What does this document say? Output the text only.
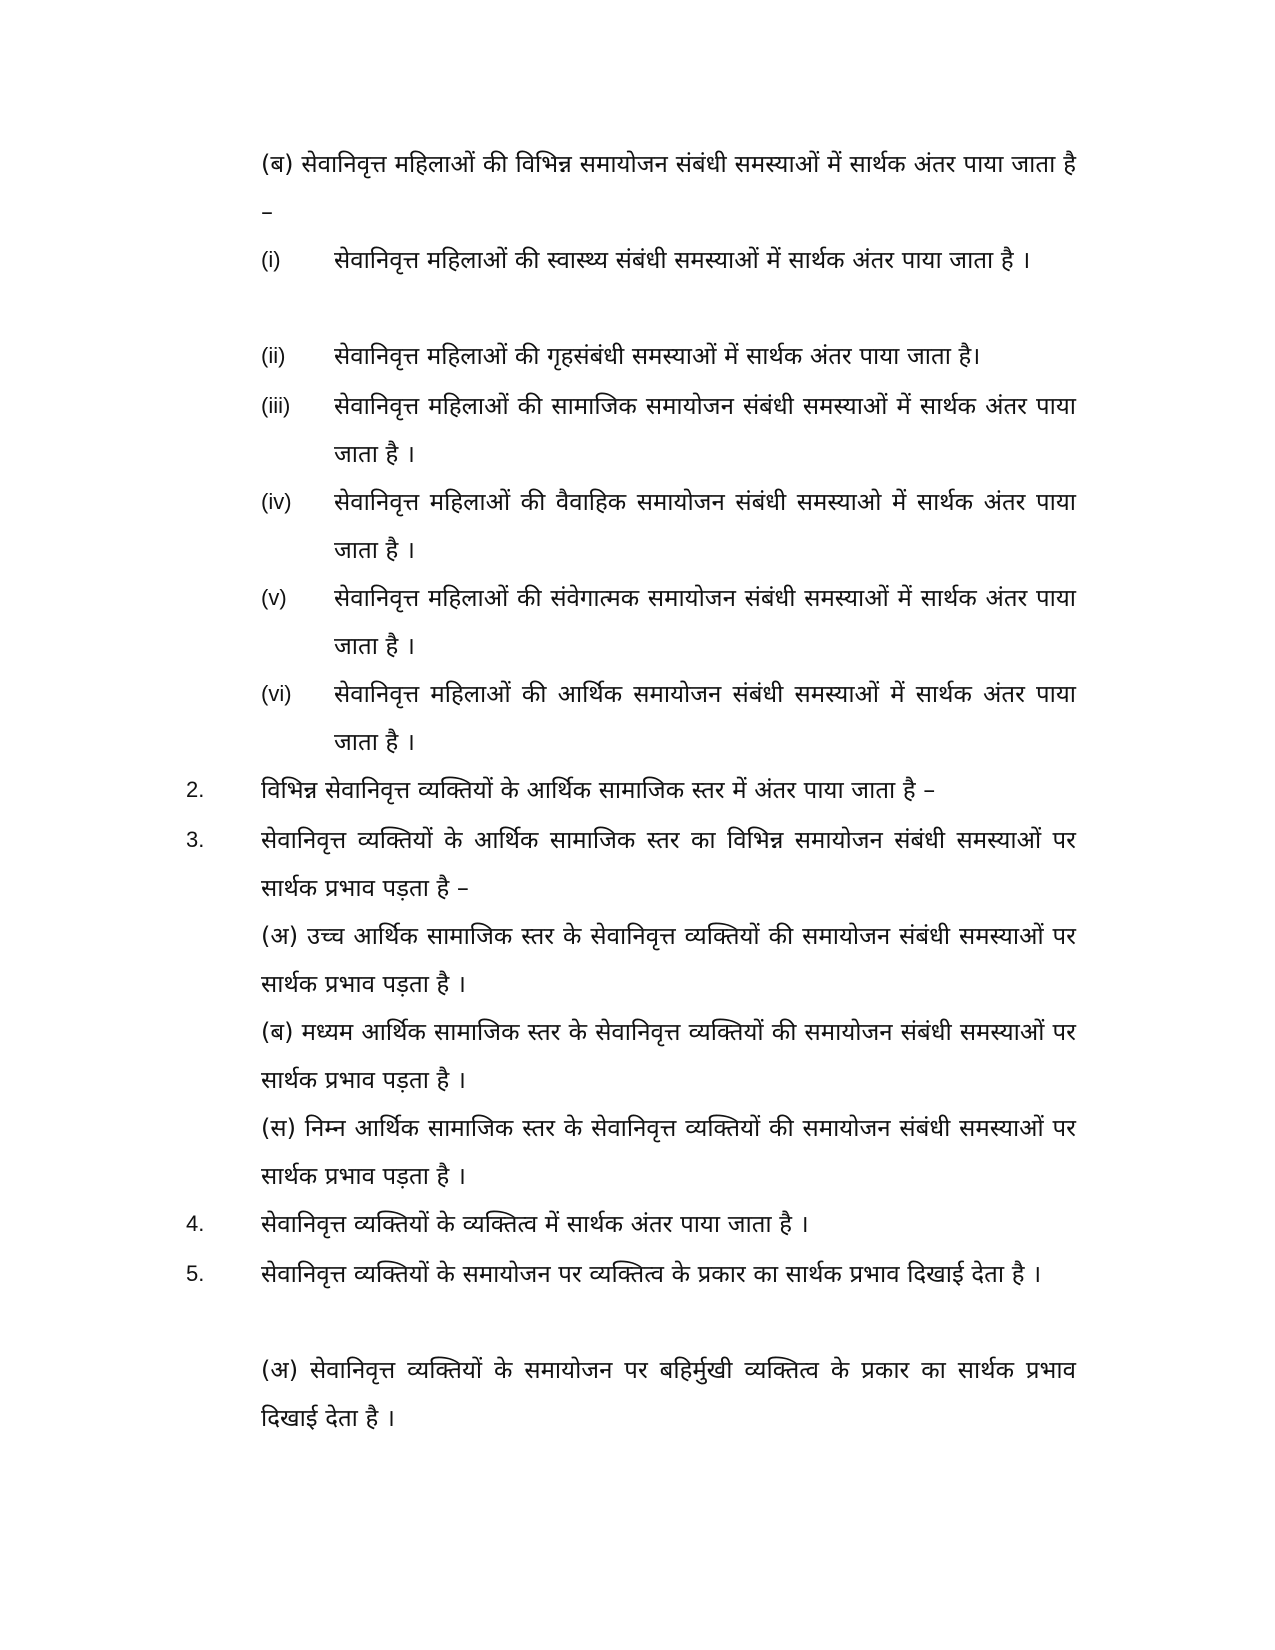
(ब) सेवानिवृत्त महिलाओं की विभिन्न समायोजन संबंधी समस्याओं में सार्थक अंतर पाया जाता है –
(i) सेवानिवृत्त महिलाओं की स्वास्थ्य संबंधी समस्याओं में सार्थक अंतर पाया जाता है ।
(ii) सेवानिवृत्त महिलाओं की गृहसंबंधी समस्याओं में सार्थक अंतर पाया जाता है।
(iii) सेवानिवृत्त महिलाओं की सामाजिक समायोजन संबंधी समस्याओं में सार्थक अंतर पाया जाता है ।
(iv) सेवानिवृत्त महिलाओं की वैवाहिक समायोजन संबंधी समस्याओ में सार्थक अंतर पाया जाता है ।
(v) सेवानिवृत्त महिलाओं की संवेगात्मक समायोजन संबंधी समस्याओं में सार्थक अंतर पाया जाता है ।
(vi) सेवानिवृत्त महिलाओं की आर्थिक समायोजन संबंधी समस्याओं में सार्थक अंतर पाया जाता है ।
2. विभिन्न सेवानिवृत्त व्यक्तियों के आर्थिक सामाजिक स्तर में अंतर पाया जाता है –
3. सेवानिवृत्त व्यक्तियों के आर्थिक सामाजिक स्तर का विभिन्न समायोजन संबंधी समस्याओं पर सार्थक प्रभाव पड़ता है –
(अ) उच्च आर्थिक सामाजिक स्तर के सेवानिवृत्त व्यक्तियों की समायोजन संबंधी समस्याओं पर सार्थक प्रभाव पड़ता है ।
(ब) मध्यम आर्थिक सामाजिक स्तर के सेवानिवृत्त व्यक्तियों की समायोजन संबंधी समस्याओं पर सार्थक प्रभाव पड़ता है ।
(स) निम्न आर्थिक सामाजिक स्तर के सेवानिवृत्त व्यक्तियों की समायोजन संबंधी समस्याओं पर सार्थक प्रभाव पड़ता है ।
4. सेवानिवृत्त व्यक्तियों के व्यक्तित्व में सार्थक अंतर पाया जाता है ।
5. सेवानिवृत्त व्यक्तियों के समायोजन पर व्यक्तित्व के प्रकार का सार्थक प्रभाव दिखाई देता है ।
(अ) सेवानिवृत्त व्यक्तियों के समायोजन पर बहिर्मुखी व्यक्तित्व के प्रकार का सार्थक प्रभाव दिखाई देता है ।
